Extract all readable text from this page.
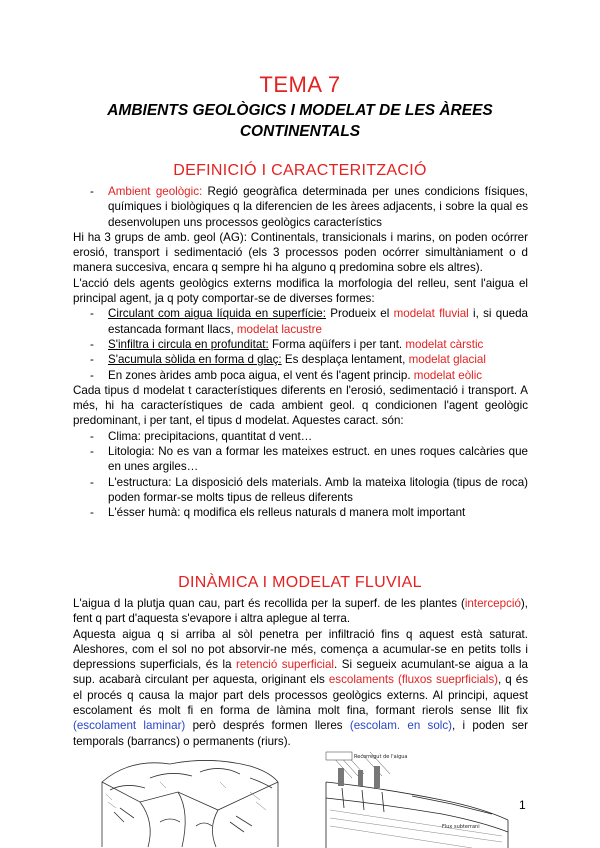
TEMA 7
AMBIENTS GEOLÒGICS I MODELAT DE LES ÀREES CONTINENTALS
DEFINICIÓ I CARACTERITZACIÓ
- Ambient geològic: Regió geogràfica determinada per unes condicions físiques, químiques i biològiques q la diferencien de les àrees adjacents, i sobre la qual es desenvolupen uns processos geològics característics

Hi ha 3 grups de amb. geol (AG): Continentals, transicionals i marins, on poden ocórrer erosió, transport i sedimentació (els 3 processos poden ocórrer simultàniament o d manera succesiva, encara q sempre hi ha alguno q predomina sobre els altres).

L'acció dels agents geològics externs modifica la morfologia del relleu, sent l'aigua el principal agent, ja q poty comportar-se de diverses formes:

- Circulant com aigua líquida en superfície: Produeix el modelat fluvial i, si queda estancada formant llacs, modelat lacustre
- S'infiltra i circula en profunditat: Forma aqüífers i per tant. modelat càrstic
- S'acumula sòlida en forma d glaç: Es desplaça lentament, modelat glacial
- En zones àrides amb poca aigua, el vent és l'agent princip. modelat eòlic

Cada tipus d modelat t característiques diferents en l'erosió, sedimentació i transport. A més, hi ha característiques de cada ambient geol. q condicionen l'agent geològic predominant, i per tant, el tipus d modelat. Aquestes caract. són:

- Clima: precipitacions, quantitat d vent…
- Litologia: No es van a formar les mateixes estruct. en unes roques calcàries que en unes argiles…
- L'estructura: La disposició dels materials. Amb la mateixa litologia (tipus de roca) poden formar-se molts tipus de relleus diferents
- L'ésser humà: q modifica els relleus naturals d manera molt important
DINÀMICA I MODELAT FLUVIAL

L'aigua d la plutja quan cau, part és recollida per la superf. de les plantes (intercepció), fent q part d'aquesta s'evapore i altra aplegue al terra.

Aquesta aigua q si arriba al sòl penetra per infiltració fins q aquest està saturat. Aleshores, com el sol no pot absorvir-ne més, comença a acumular-se en petits tolls i depressions superficials, és la retenció superficial. Si segueix acumulant-se aigua a la sup. acabarà circulant per aquesta, originant els escolaments (fluxos sueprficials), q és el procés q causa la major part dels processos geològics externs. Al principi, aquest escolament és molt fi en forma de làmina molt fina, formant rierols sense llit fix (escolament laminar) però després formen lleres (escolam. en solc), i poden ser temporals (barrancs) o permanents (riurs).

Recorregut de l'aigua
Flux subterrani
1
